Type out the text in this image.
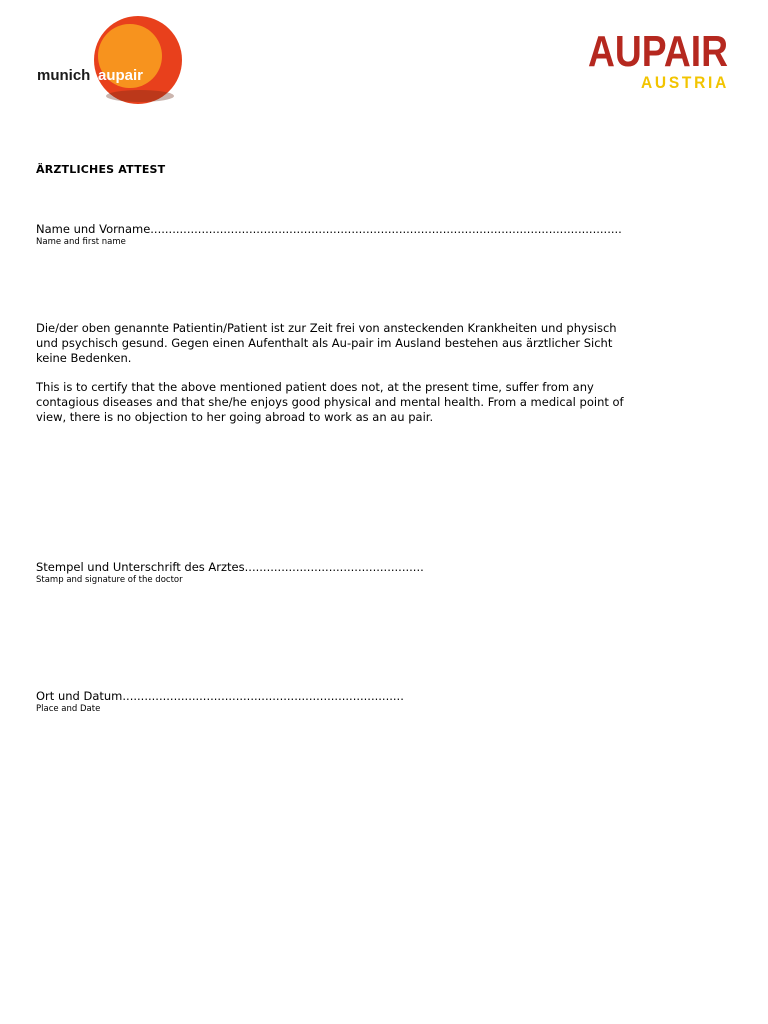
munich aupair	AUPAIR
AUSTRIA
ÄRZTLICHES ATTEST
Name und Vorname.................................................................................................................................
Name and first name

Die/der oben genannte Patientin/Patient ist zur Zeit frei von ansteckenden Krankheiten und physisch und psychisch gesund. Gegen einen Aufenthalt als Au-pair im Ausland bestehen aus ärztlicher Sicht keine Bedenken.

This is to certify that the above mentioned patient does not, at the present time, suffer from any contagious diseases and that she/he enjoys good physical and mental health. From a medical point of view, there is no objection to her going abroad to work as an au pair.

Stempel und Unterschrift des Arztes.................................................
Stamp and signature of the doctor
Ort und Datum.............................................................................
Place and Date
